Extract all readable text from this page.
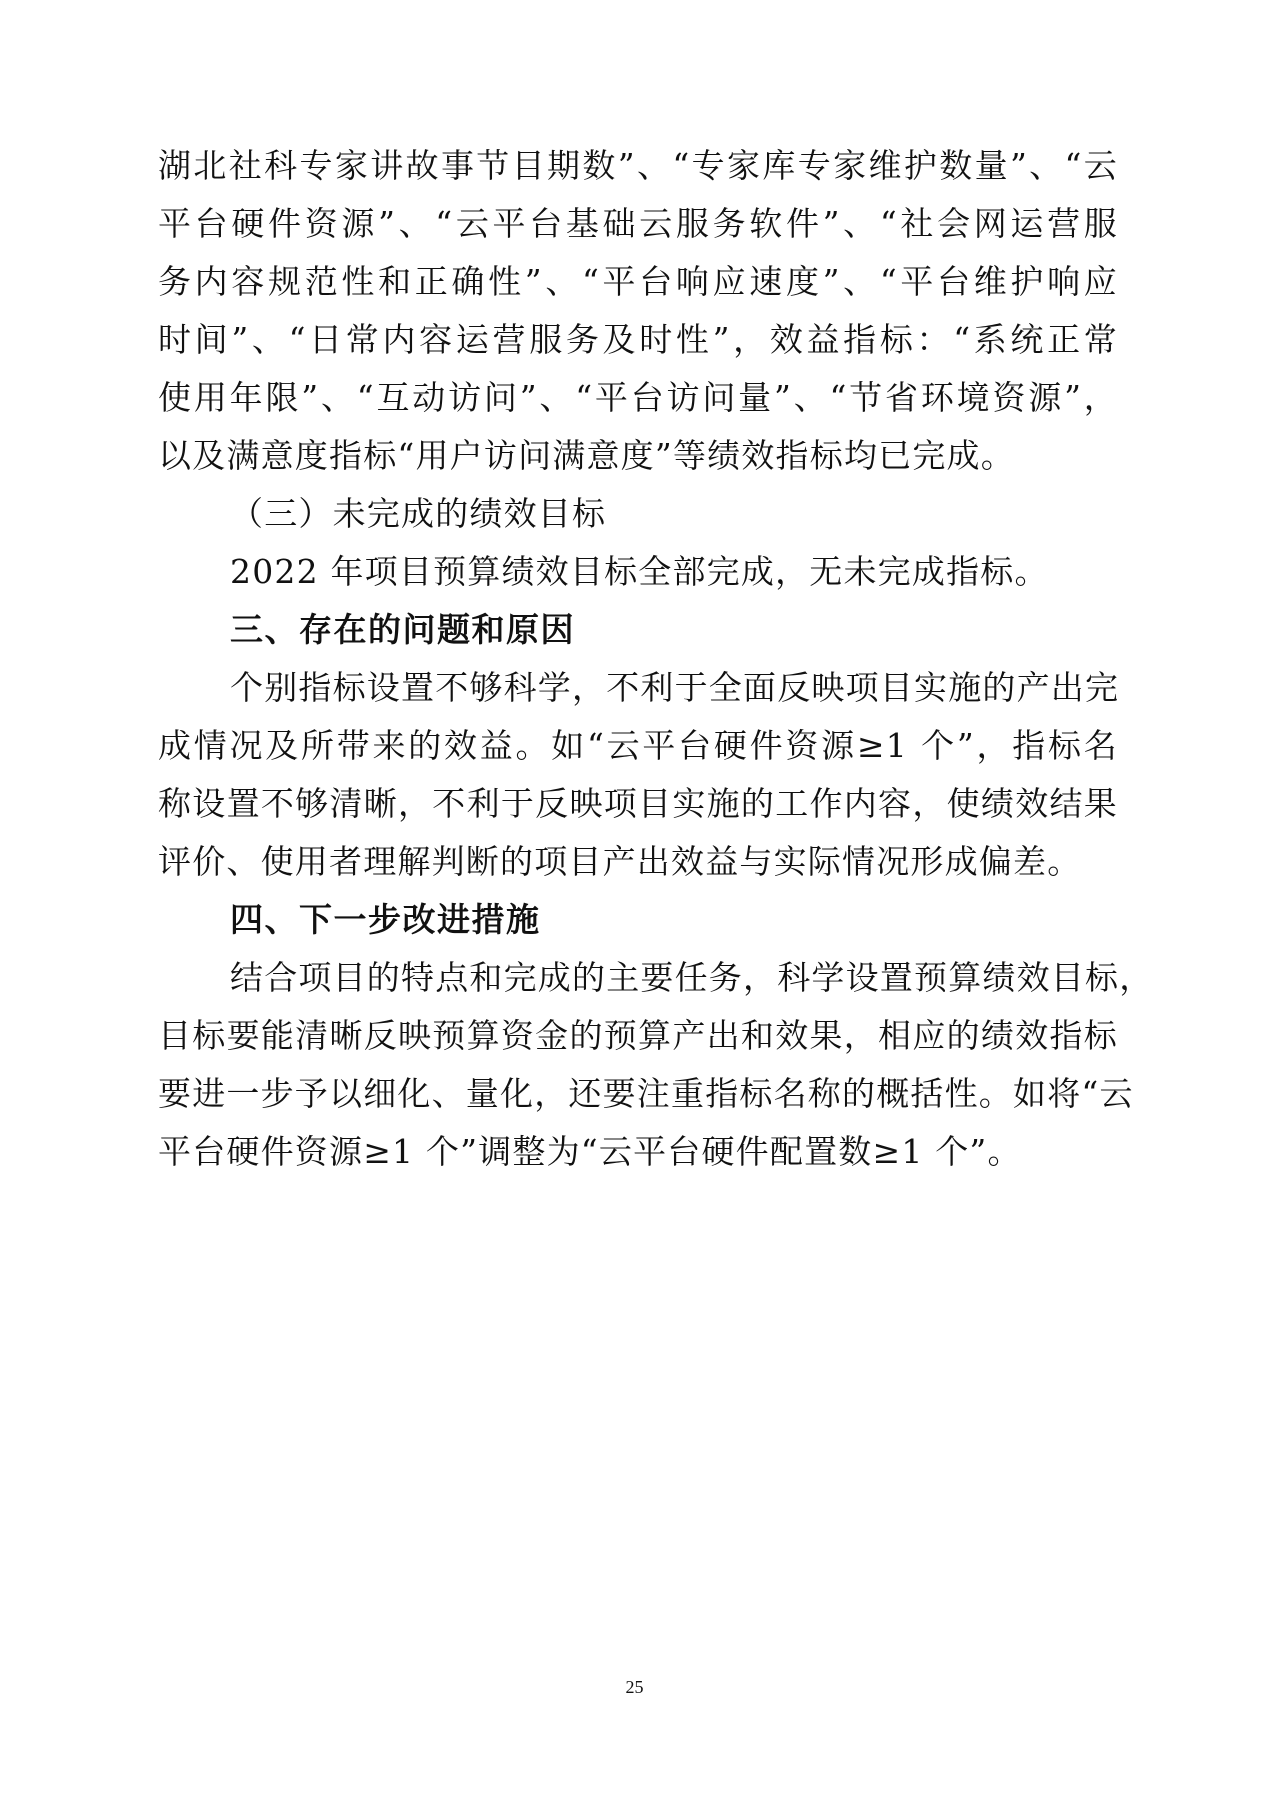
湖北社科专家讲故事节目期数”、“专家库专家维护数量”、“云
平台硬件资源”、“云平台基础云服务软件”、“社会网运营服
务内容规范性和正确性”、“平台响应速度”、“平台维护响应
时间”、“日常内容运营服务及时性”，效益指标：“系统正常
使用年限”、“互动访问”、“平台访问量”、“节省环境资源”，
以及满意度指标“用户访问满意度”等绩效指标均已完成。
（三）未完成的绩效目标
2022 年项目预算绩效目标全部完成，无未完成指标。
三、存在的问题和原因
个别指标设置不够科学，不利于全面反映项目实施的产出完
成情况及所带来的效益。如“云平台硬件资源≥1 个”，指标名
称设置不够清晰，不利于反映项目实施的工作内容，使绩效结果
评价、使用者理解判断的项目产出效益与实际情况形成偏差。
四、下一步改进措施
结合项目的特点和完成的主要任务，科学设置预算绩效目标，
目标要能清晰反映预算资金的预算产出和效果，相应的绩效指标
要进一步予以细化、量化，还要注重指标名称的概括性。如将“云
平台硬件资源≥1 个”调整为“云平台硬件配置数≥1 个”。
25
